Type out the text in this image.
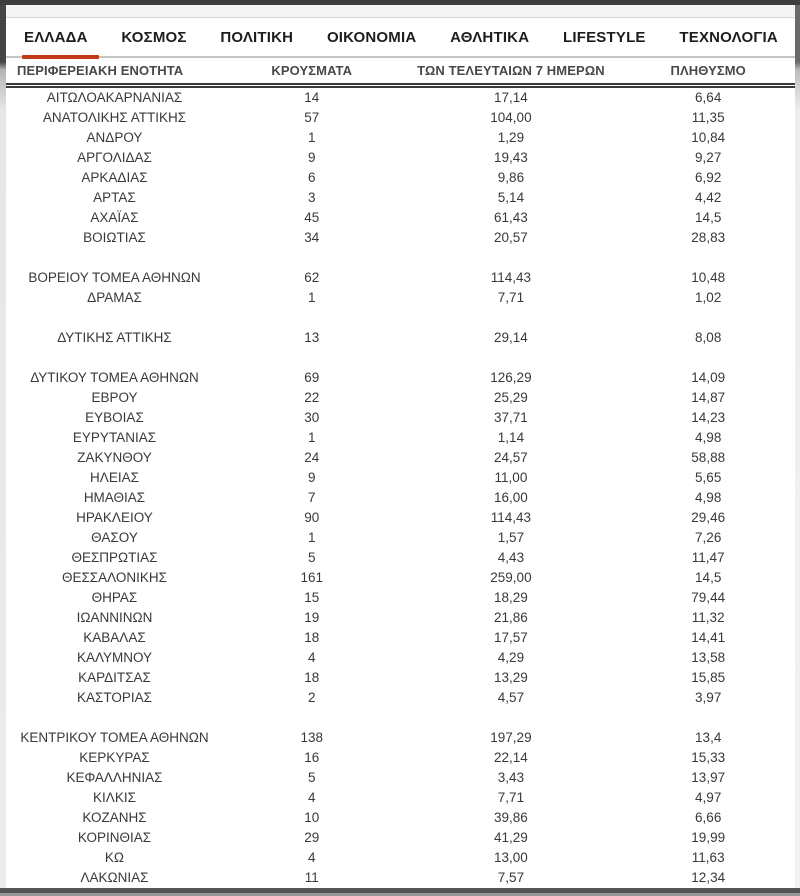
ΕΛΛΑΔΑ ΚΟΣΜΟΣ ΠΟΛΙΤΙΚΗ ΟΙΚΟΝΟΜΙΑ ΑΘΛΗΤΙΚΑ LIFESTYLE ΤΕΧΝΟΛΟΓΙΑ
ΠΕΡΙΦΕΡΕΙΑΚΗ ΕΝΟΤΗΤΑ	ΚΡΟΥΣΜΑΤΑ	ΤΩΝ ΤΕΛΕΥΤΑΙΩΝ 7 ΗΜΕΡΩΝ	ΠΛΗΘΥΣΜΟ
ΑΙΤΩΛΟΑΚΑΡΝΑΝΙΑΣ	14	17,14	6,64
ΑΝΑΤΟΛΙΚΗΣ ΑΤΤΙΚΗΣ	57	104,00	11,35
ΑΝΔΡΟΥ	1	1,29	10,84
ΑΡΓΟΛΙΔΑΣ	9	19,43	9,27
ΑΡΚΑΔΙΑΣ	6	9,86	6,92
ΑΡΤΑΣ	3	5,14	4,42
ΑΧΑΪΑΣ	45	61,43	14,5
ΒΟΙΩΤΙΑΣ	34	20,57	28,83

ΒΟΡΕΙΟΥ ΤΟΜΕΑ ΑΘΗΝΩΝ	62	114,43	10,48
ΔΡΑΜΑΣ	1	7,71	1,02

ΔΥΤΙΚΗΣ ΑΤΤΙΚΗΣ	13	29,14	8,08

ΔΥΤΙΚΟΥ ΤΟΜΕΑ ΑΘΗΝΩΝ	69	126,29	14,09
ΕΒΡΟΥ	22	25,29	14,87
ΕΥΒΟΙΑΣ	30	37,71	14,23
ΕΥΡΥΤΑΝΙΑΣ	1	1,14	4,98
ΖΑΚΥΝΘΟΥ	24	24,57	58,88
ΗΛΕΙΑΣ	9	11,00	5,65
ΗΜΑΘΙΑΣ	7	16,00	4,98
ΗΡΑΚΛΕΙΟΥ	90	114,43	29,46
ΘΑΣΟΥ	1	1,57	7,26
ΘΕΣΠΡΩΤΙΑΣ	5	4,43	11,47
ΘΕΣΣΑΛΟΝΙΚΗΣ	161	259,00	14,5
ΘΗΡΑΣ	15	18,29	79,44
ΙΩΑΝΝΙΝΩΝ	19	21,86	11,32
ΚΑΒΑΛΑΣ	18	17,57	14,41
ΚΑΛΥΜΝΟΥ	4	4,29	13,58
ΚΑΡΔΙΤΣΑΣ	18	13,29	15,85
ΚΑΣΤΟΡΙΑΣ	2	4,57	3,97

ΚΕΝΤΡΙΚΟΥ ΤΟΜΕΑ ΑΘΗΝΩΝ	138	197,29	13,4
ΚΕΡΚΥΡΑΣ	16	22,14	15,33
ΚΕΦΑΛΛΗΝΙΑΣ	5	3,43	13,97
ΚΙΛΚΙΣ	4	7,71	4,97
ΚΟΖΑΝΗΣ	10	39,86	6,66
ΚΟΡΙΝΘΙΑΣ	29	41,29	19,99
ΚΩ	4	13,00	11,63
ΛΑΚΩΝΙΑΣ	11	7,57	12,34
